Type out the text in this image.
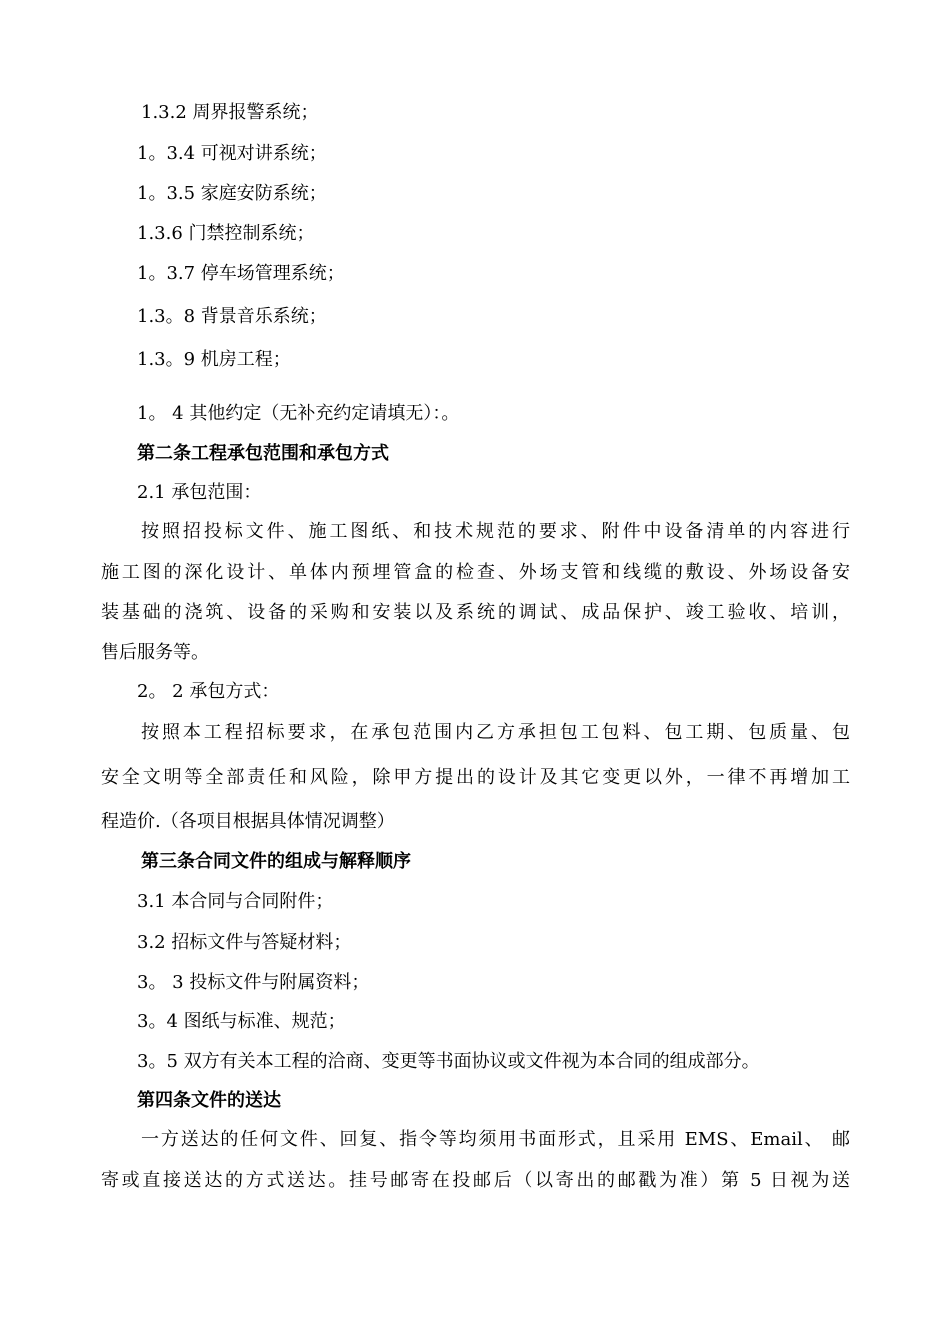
1.3.2 周界报警系统；
1。3.4 可视对讲系统；
1。3.5 家庭安防系统；
1.3.6 门禁控制系统；
1。3.7 停车场管理系统；
1.3。8 背景音乐系统；
1.3。9 机房工程；
1。 4 其他约定（无补充约定请填无）：。
第二条工程承包范围和承包方式
2.1 承包范围：
按照招投标文件、施工图纸、和技术规范的要求、附件中设备清单的内容进行
施工图的深化设计、单体内预埋管盒的检查、外场支管和线缆的敷设、外场设备安
装基础的浇筑、设备的采购和安装以及系统的调试、成品保护、竣工验收、培训，
售后服务等。
2。 2 承包方式：
按照本工程招标要求，在承包范围内乙方承担包工包料、包工期、包质量、包
安全文明等全部责任和风险，除甲方提出的设计及其它变更以外，一律不再增加工
程造价.（各项目根据具体情况调整）
第三条合同文件的组成与解释顺序
3.1 本合同与合同附件；
3.2 招标文件与答疑材料；
3。 3 投标文件与附属资料；
3。4 图纸与标准、规范；
3。5 双方有关本工程的洽商、变更等书面协议或文件视为本合同的组成部分。
第四条文件的送达
一方送达的任何文件、回复、指令等均须用书面形式，且采用 EMS、Email、 邮
寄或直接送达的方式送达。挂号邮寄在投邮后（以寄出的邮戳为准）第 5 日视为送
